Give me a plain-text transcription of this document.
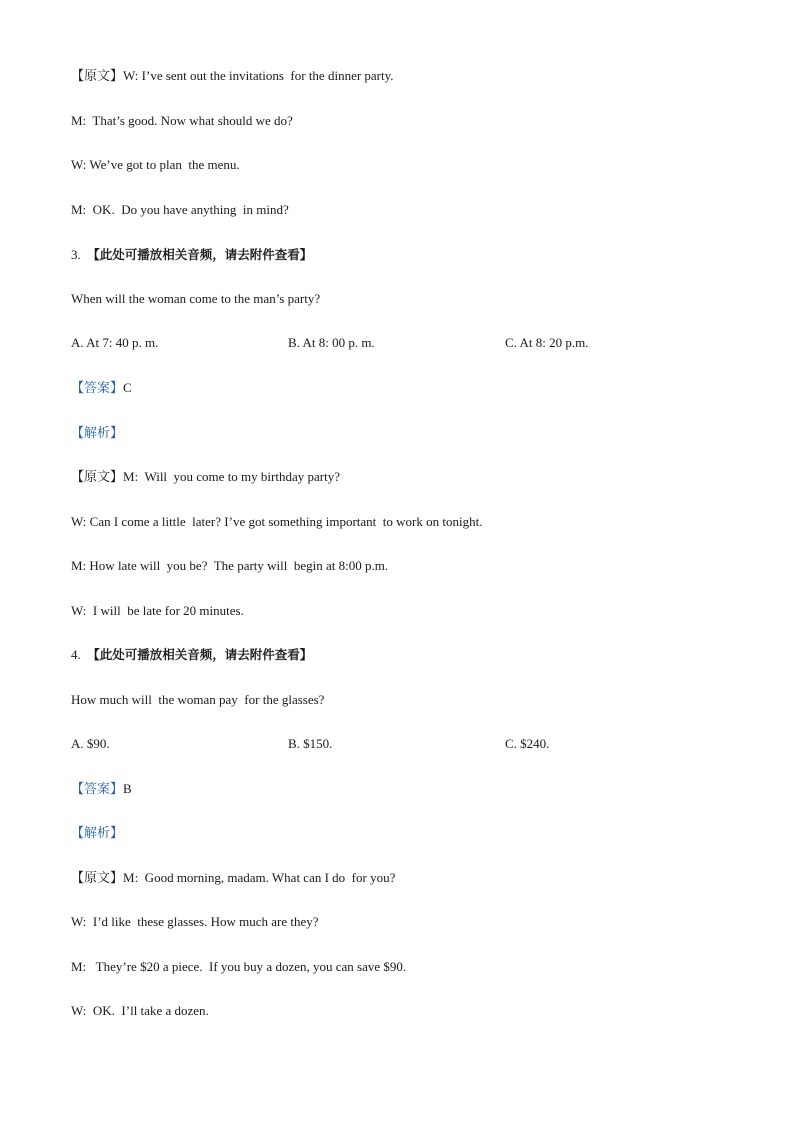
【原文】W: I’ve sent out the invitations  for the dinner party.
M:  That’s good. Now what should we do?
W: We’ve got to plan  the menu.
M:  OK.  Do you have anything  in mind?
3. 【此处可播放相关音频，请去附件查看】
When will the woman come to the man’s party?
A. At 7: 40 p. m.	B. At 8: 00 p. m.	C. At 8: 20 p.m.
【答案】C
【解析】
【原文】M:  Will  you come to my birthday party?
W: Can I come a little  later? I’ve got something important  to work on tonight.
M: How late will  you be?  The party will  begin at 8:00 p.m.
W:  I will  be late for 20 minutes.
4. 【此处可播放相关音频，请去附件查看】
How much will  the woman pay  for the glasses?
A. $90.	B. $150.	C. $240.
【答案】B
【解析】
【原文】M:  Good morning, madam. What can I do  for you?
W:  I’d like  these glasses. How much are they?
M:   They’re $20 a piece.  If you buy a dozen, you can save $90.
W:  OK.  I’ll take a dozen.
